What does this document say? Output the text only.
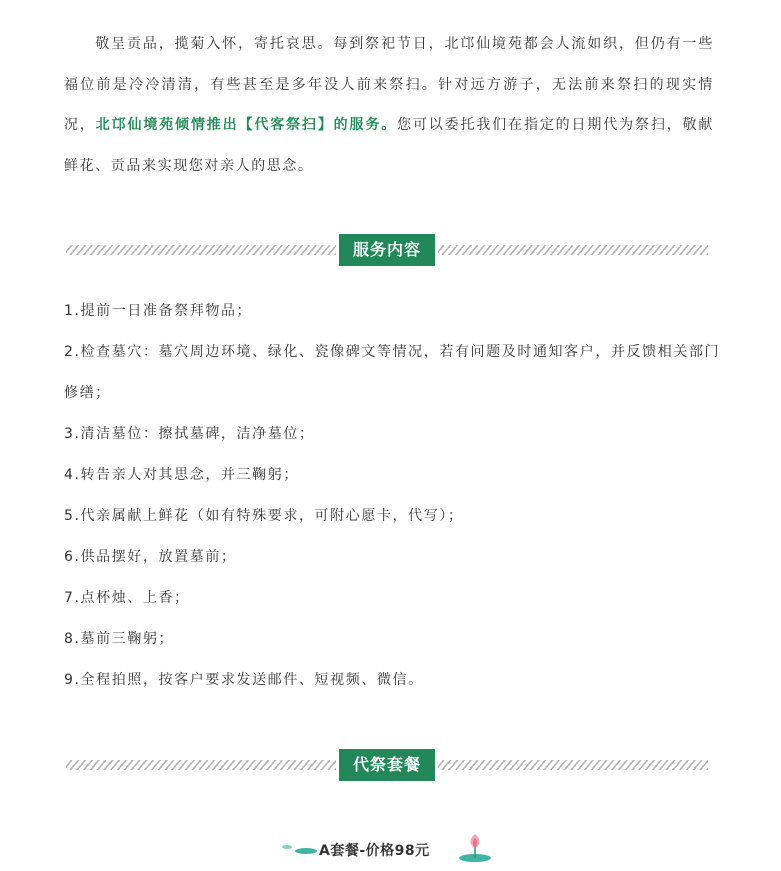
敬呈贡品，揽菊入怀，寄托哀思。每到祭祀节日，北邙仙境苑都会人流如织，但仍有一些福位前是冷冷清清，有些甚至是多年没人前来祭扫。针对远方游子，无法前来祭扫的现实情况，北邙仙境苑倾情推出【代客祭扫】的服务。您可以委托我们在指定的日期代为祭扫，敬献鲜花、贡品来实现您对亲人的思念。

服务内容
1.提前一日准备祭拜物品；
2.检查墓穴：墓穴周边环境、绿化、瓷像碑文等情况，若有问题及时通知客户，并反馈相关部门修缮；
3.清洁墓位：擦拭墓碑，洁净墓位；
4.转告亲人对其思念，并三鞠躬；
5.代亲属献上鲜花（如有特殊要求，可附心愿卡，代写）；
6.供品摆好，放置墓前；
7.点杯烛、上香；
8.墓前三鞠躬；
9.全程拍照，按客户要求发送邮件、短视频、微信。
代祭套餐
A套餐-价格98元
